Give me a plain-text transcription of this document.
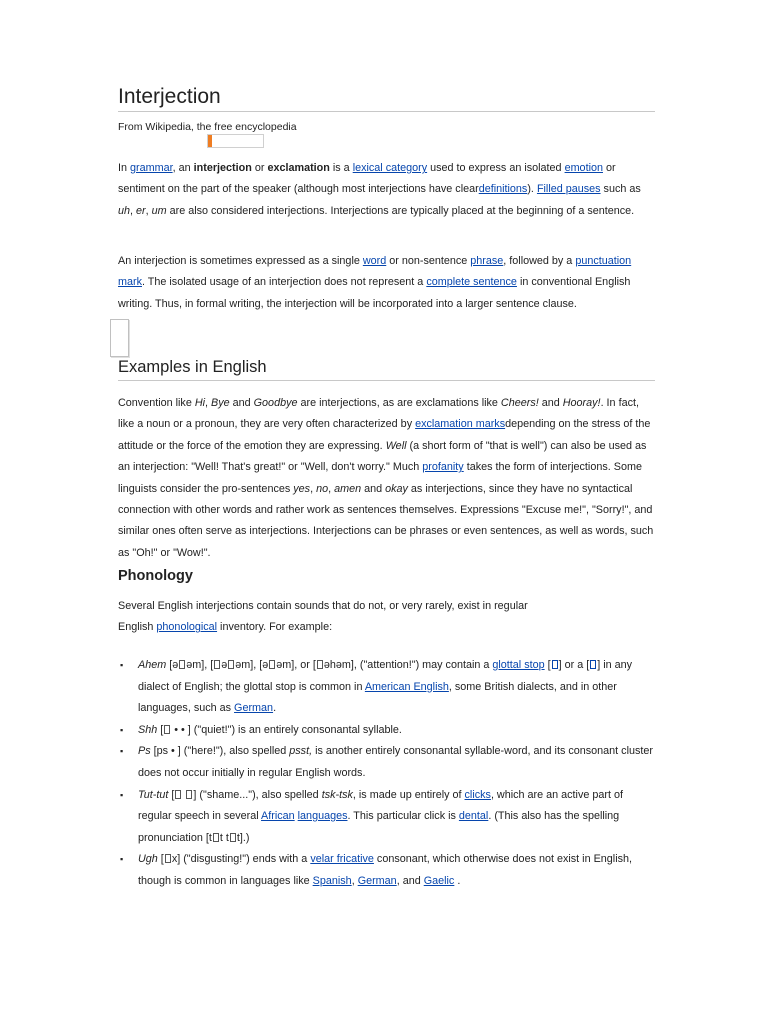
Interjection
From Wikipedia, the free encyclopedia

In grammar, an interjection or exclamation is a lexical category used to express an isolated emotion or sentiment on the part of the speaker (although most interjections have cleardefinitions). Filled pauses such as uh, er, um are also considered interjections. Interjections are typically placed at the beginning of a sentence.

An interjection is sometimes expressed as a single word or non-sentence phrase, followed by a punctuation mark. The isolated usage of an interjection does not represent a complete sentence in conventional English writing. Thus, in formal writing, the interjection will be incorporated into a larger sentence clause.

Examples in English

Convention like Hi, Bye and Goodbye are interjections, as are exclamations like Cheers! and Hooray!. In fact, like a noun or a pronoun, they are very often characterized by exclamation marksdepending on the stress of the attitude or the force of the emotion they are expressing. Well (a short form of "that is well") can also be used as an interjection: "Well! That's great!" or "Well, don't worry." Much profanity takes the form of interjections. Some linguists consider the pro-sentences yes, no, amen and okay as interjections, since they have no syntactical connection with other words and rather work as sentences themselves. Expressions "Excuse me!", "Sorry!", and similar ones often serve as interjections. Interjections can be phrases or even sentences, as well as words, such as "Oh!" or "Wow!".

Phonology

Several English interjections contain sounds that do not, or very rarely, exist in regular English phonological inventory. For example:

▪ Ahem [ə əm], [ ə əm], [ə əm], or [ əhəm], ("attention!") may contain a glottal stop [ ] or a [ ] in any dialect of English; the glottal stop is common in American English, some British dialects, and in other languages, such as German.
▪ Shh [ • • ] ("quiet!") is an entirely consonantal syllable.
▪ Ps [ps • ] ("here!"), also spelled psst, is another entirely consonantal syllable-word, and its consonant cluster does not occur initially in regular English words.
▪ Tut-tut [ ] ("shame..."), also spelled tsk-tsk, is made up entirely of clicks, which are an active part of regular speech in several African languages. This particular click is dental. (This also has the spelling pronunciation [t t t t].)
▪ Ugh [ x] ("disgusting!") ends with a velar fricative consonant, which otherwise does not exist in English, though is common in languages like Spanish, German, and Gaelic .
